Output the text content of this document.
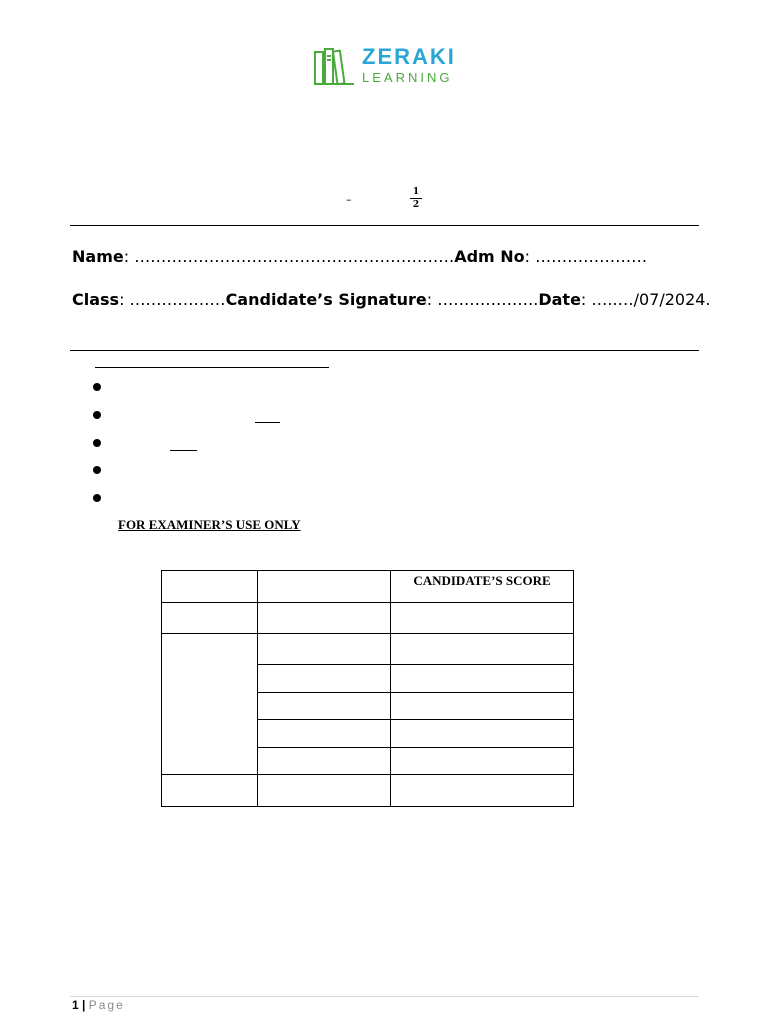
ZERAKI
LEARNING
–
1
2
Name: ……………………………………………………Adm No: …………………
Class: ………………Candidate’s Signature: ……………….Date: …..…/07/2024.
FOR EXAMINER’S USE ONLY
		CANDIDATE’S SCORE

1 | Page
